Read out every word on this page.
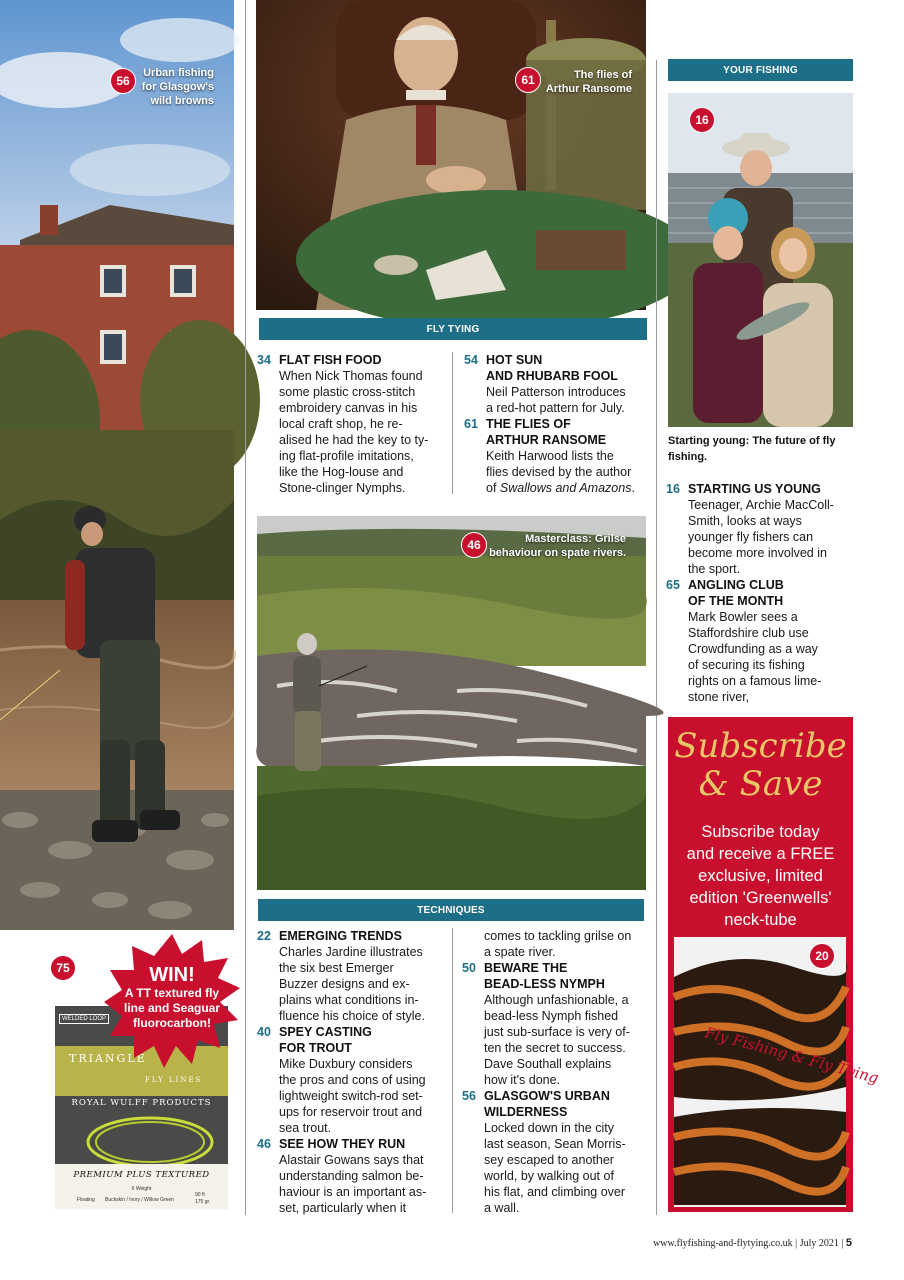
56
Urban fishing
for Glasgow's
wild browns
61	The flies of
Arthur Ransome
FLY TYING
34 FLAT FISH FOOD
When Nick Thomas found
some plastic cross-stitch
embroidery canvas in his
local craft shop, he re-
alised he had the key to ty-
ing flat-profile imitations,
like the Hog-louse and
Stone-clinger Nymphs.
54 HOT SUN
AND RHUBARB FOOL
Neil Patterson introduces
a red-hot pattern for July.
61 THE FLIES OF
ARTHUR RANSOME
Keith Harwood lists the
flies devised by the author
of Swallows and Amazons.
46	Masterclass: Grilse
behaviour on spate rivers.
TECHNIQUES
22 EMERGING TRENDS
Charles Jardine illustrates
the six best Emerger
Buzzer designs and ex-
plains what conditions in-
fluence his choice of style.
40 SPEY CASTING
FOR TROUT
Mike Duxbury considers
the pros and cons of using
lightweight switch-rod set-
ups for reservoir trout and
sea trout.
46 SEE HOW THEY RUN
Alastair Gowans says that
understanding salmon be-
haviour is an important as-
set, particularly when it
comes to tackling grilse on
a spate river.
50 BEWARE THE
BEAD-LESS NYMPH
Although unfashionable, a
bead-less Nymph fished
just sub-surface is very of-
ten the secret to success.
Dave Southall explains
how it's done.
56 GLASGOW'S URBAN
WILDERNESS
Locked down in the city
last season, Sean Morris-
sey escaped to another
world, by walking out of
his flat, and climbing over
a wall.
YOUR FISHING
16
Starting young: The future of fly
fishing.
16 STARTING US YOUNG
Teenager, Archie MacColl-
Smith, looks at ways
younger fly fishers can
become more involved in
the sport.
65 ANGLING CLUB
OF THE MONTH
Mark Bowler sees a
Staffordshire club use
Crowdfunding as a way
of securing its fishing
rights on a famous lime-
stone river,
Subscribe
& Save
Subscribe today
and receive a FREE
exclusive, limited
edition 'Greenwells'
neck-tube
Fly Fishing & Fly Tying
20
75
WELDED LOOP
TRIANGLE
FLY LINES
ROYAL WULFF PRODUCTS
PREMIUM PLUS TEXTURED
6 Weight
Floating Buckskin / Ivory / Willow Green
90 ft
175 gr.
WIN!
A TT textured fly
line and Seaguar
fluorocarbon!
www.flyfishing-and-flytying.co.uk | July 2021 | 5
